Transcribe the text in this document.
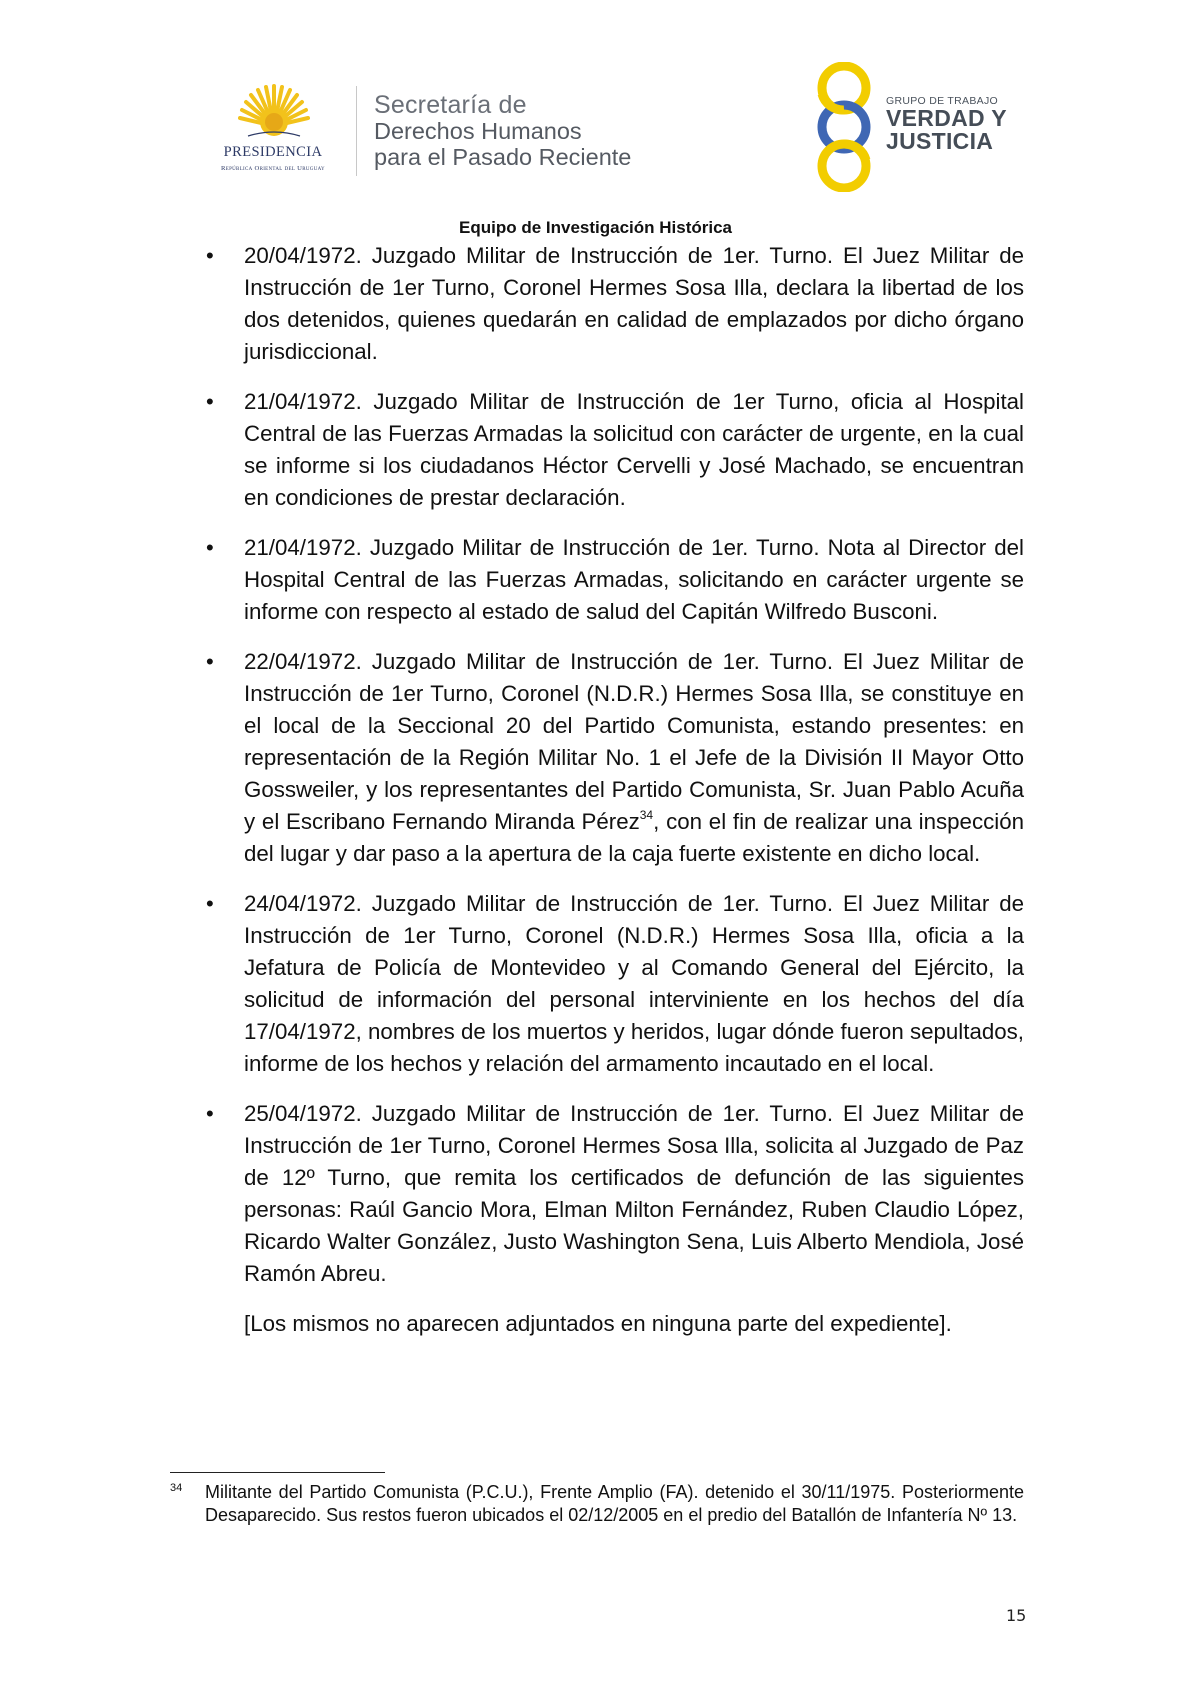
PRESIDENCIA
República Oriental del Uruguay
Secretaría de
Derechos Humanos
para el Pasado Reciente
GRUPO DE TRABAJO
VERDAD Y
JUSTICIA
Equipo de Investigación Histórica
• 20/04/1972. Juzgado Militar de Instrucción de 1er. Turno. El Juez Militar de Instrucción de 1er Turno, Coronel Hermes Sosa Illa, declara la libertad de los dos detenidos, quienes quedarán en calidad de emplazados por dicho órgano jurisdiccional.
• 21/04/1972. Juzgado Militar de Instrucción de 1er Turno, oficia al Hospital Central de las Fuerzas Armadas la solicitud con carácter de urgente, en la cual se informe si los ciudadanos Héctor Cervelli y José Machado, se encuentran en condiciones de prestar declaración.
• 21/04/1972. Juzgado Militar de Instrucción de 1er. Turno. Nota al Director del Hospital Central de las Fuerzas Armadas, solicitando en carácter urgente se informe con respecto al estado de salud del Capitán Wilfredo Busconi.
• 22/04/1972. Juzgado Militar de Instrucción de 1er. Turno. El Juez Militar de Instrucción de 1er Turno, Coronel (N.D.R.) Hermes Sosa Illa, se constituye en el local de la Seccional 20 del Partido Comunista, estando presentes: en representación de la Región Militar No. 1 el Jefe de la División II Mayor Otto Gossweiler, y los representantes del Partido Comunista, Sr. Juan Pablo Acuña y el Escribano Fernando Miranda Pérez$^{34}$, con el fin de realizar una inspección del lugar y dar paso a la apertura de la caja fuerte existente en dicho local.
• 24/04/1972. Juzgado Militar de Instrucción de 1er. Turno. El Juez Militar de Instrucción de 1er Turno, Coronel (N.D.R.) Hermes Sosa Illa, oficia a la Jefatura de Policía de Montevideo y al Comando General del Ejército, la solicitud de información del personal interviniente en los hechos del día 17/04/1972, nombres de los muertos y heridos, lugar dónde fueron sepultados, informe de los hechos y relación del armamento incautado en el local.
• 25/04/1972. Juzgado Militar de Instrucción de 1er. Turno. El Juez Militar de Instrucción de 1er Turno, Coronel Hermes Sosa Illa, solicita al Juzgado de Paz de 12º Turno, que remita los certificados de defunción de las siguientes personas: Raúl Gancio Mora, Elman Milton Fernández, Ruben Claudio López, Ricardo Walter González, Justo Washington Sena, Luis Alberto Mendiola, José Ramón Abreu.
[Los mismos no aparecen adjuntados en ninguna parte del expediente].
34 Militante del Partido Comunista (P.C.U.), Frente Amplio (FA). detenido el 30/11/1975. Posteriormente Desaparecido. Sus restos fueron ubicados el 02/12/2005 en el predio del Batallón de Infantería Nº 13.
15
